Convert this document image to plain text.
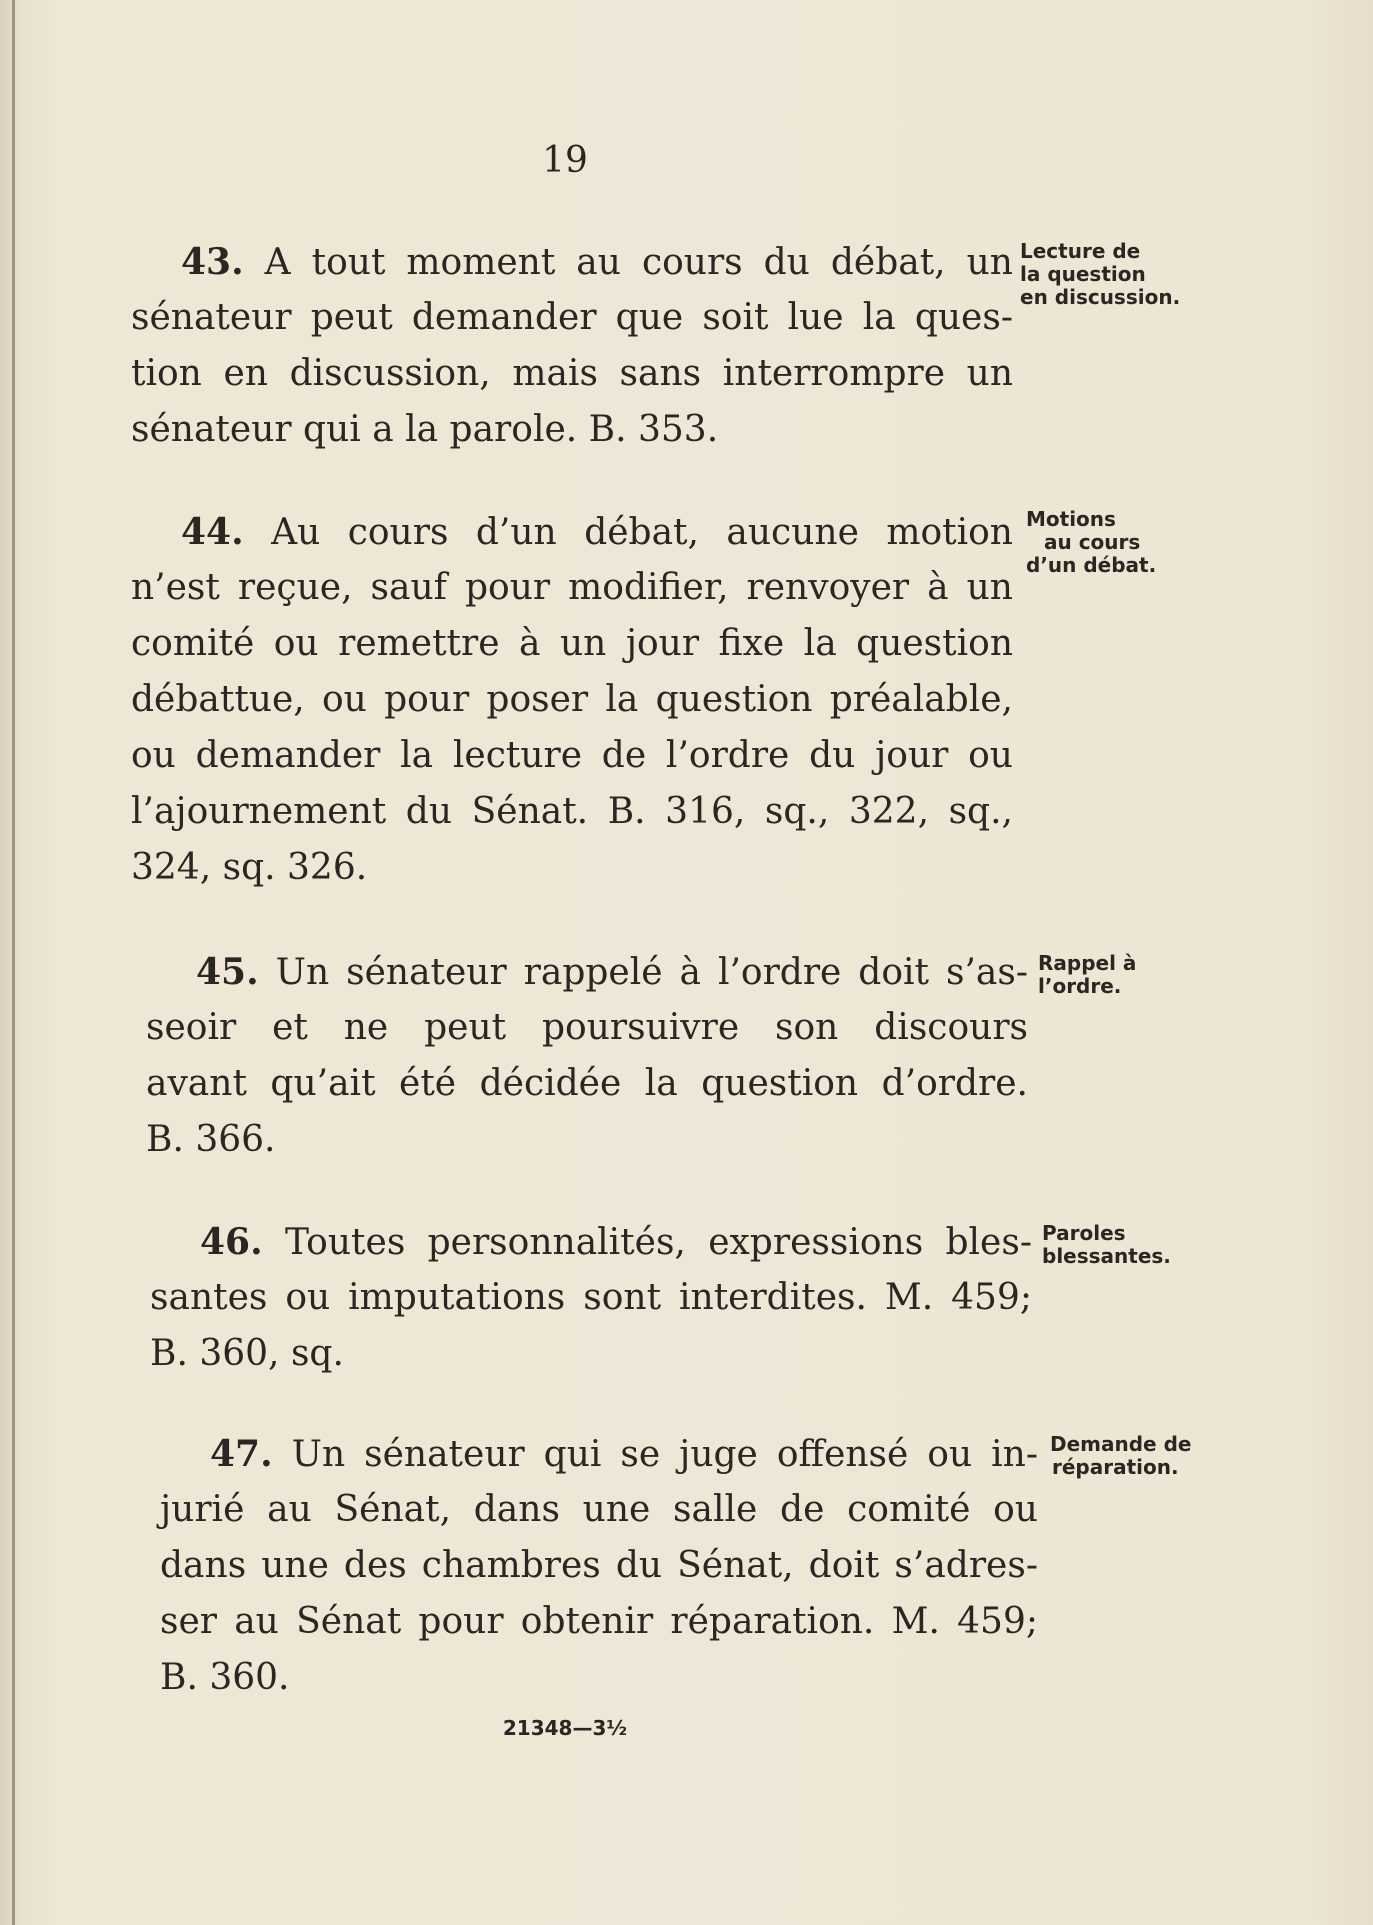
19
43. A tout moment au cours du débat, un
sénateur peut demander que soit lue la ques-
tion en discussion, mais sans interrompre un
sénateur qui a la parole. B. 353.
Lecture de
la question
en discussion.
44. Au cours d’un débat, aucune motion
n’est reçue, sauf pour modifier, renvoyer à un
comité ou remettre à un jour fixe la question
débattue, ou pour poser la question préalable,
ou demander la lecture de l’ordre du jour ou
l’ajournement du Sénat. B. 316, sq., 322, sq.,
324, sq. 326.
Motions
au cours
d’un débat.
45. Un sénateur rappelé à l’ordre doit s’as-
seoir et ne peut poursuivre son discours
avant qu’ait été décidée la question d’ordre.
B. 366.
Rappel à
l’ordre.
46. Toutes personnalités, expressions bles-
santes ou imputations sont interdites. M. 459;
B. 360, sq.
Paroles
blessantes.
47. Un sénateur qui se juge offensé ou in-
jurié au Sénat, dans une salle de comité ou
dans une des chambres du Sénat, doit s’adres-
ser au Sénat pour obtenir réparation. M. 459;
B. 360.
Demande de
réparation.
21348—3½
